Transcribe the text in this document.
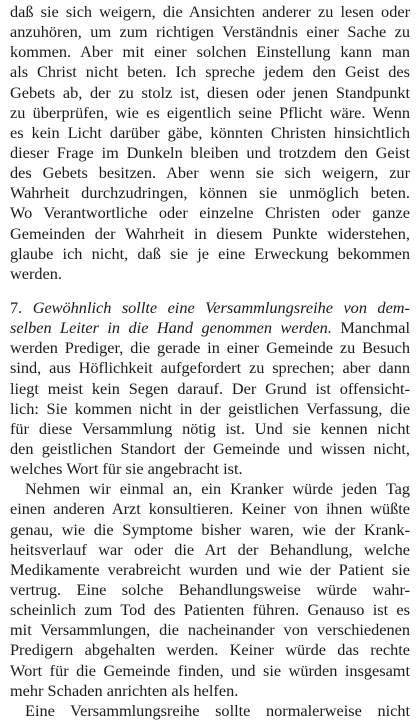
daß sie sich weigern, die Ansichten anderer zu lesen oder
anzuhören, um zum richtigen Verständnis einer Sache zu
kommen. Aber mit einer solchen Einstellung kann man
als Christ nicht beten. Ich spreche jedem den Geist des
Gebets ab, der zu stolz ist, diesen oder jenen Standpunkt
zu überprüfen, wie es eigentlich seine Pflicht wäre. Wenn
es kein Licht darüber gäbe, könnten Christen hinsichtlich
dieser Frage im Dunkeln bleiben und trotzdem den Geist
des Gebets besitzen. Aber wenn sie sich weigern, zur
Wahrheit durchzudringen, können sie unmöglich beten.
Wo Verantwortliche oder einzelne Christen oder ganze
Gemeinden der Wahrheit in diesem Punkte widerstehen,
glaube ich nicht, daß sie je eine Erweckung bekommen
werden.
7. Gewöhnlich sollte eine Versammlungsreihe von dem-
selben Leiter in die Hand genommen werden. Manchmal
werden Prediger, die gerade in einer Gemeinde zu Besuch
sind, aus Höflichkeit aufgefordert zu sprechen; aber dann
liegt meist kein Segen darauf. Der Grund ist offensicht-
lich: Sie kommen nicht in der geistlichen Verfassung, die
für diese Versammlung nötig ist. Und sie kennen nicht
den geistlichen Standort der Gemeinde und wissen nicht,
welches Wort für sie angebracht ist.
Nehmen wir einmal an, ein Kranker würde jeden Tag
einen anderen Arzt konsultieren. Keiner von ihnen wüßte
genau, wie die Symptome bisher waren, wie der Krank-
heitsverlauf war oder die Art der Behandlung, welche
Medikamente verabreicht wurden und wie der Patient sie
vertrug. Eine solche Behandlungsweise würde wahr-
scheinlich zum Tod des Patienten führen. Genauso ist es
mit Versammlungen, die nacheinander von verschiedenen
Predigern abgehalten werden. Keiner würde das rechte
Wort für die Gemeinde finden, und sie würden insgesamt
mehr Schaden anrichten als helfen.
Eine Versammlungsreihe sollte normalerweise nicht
